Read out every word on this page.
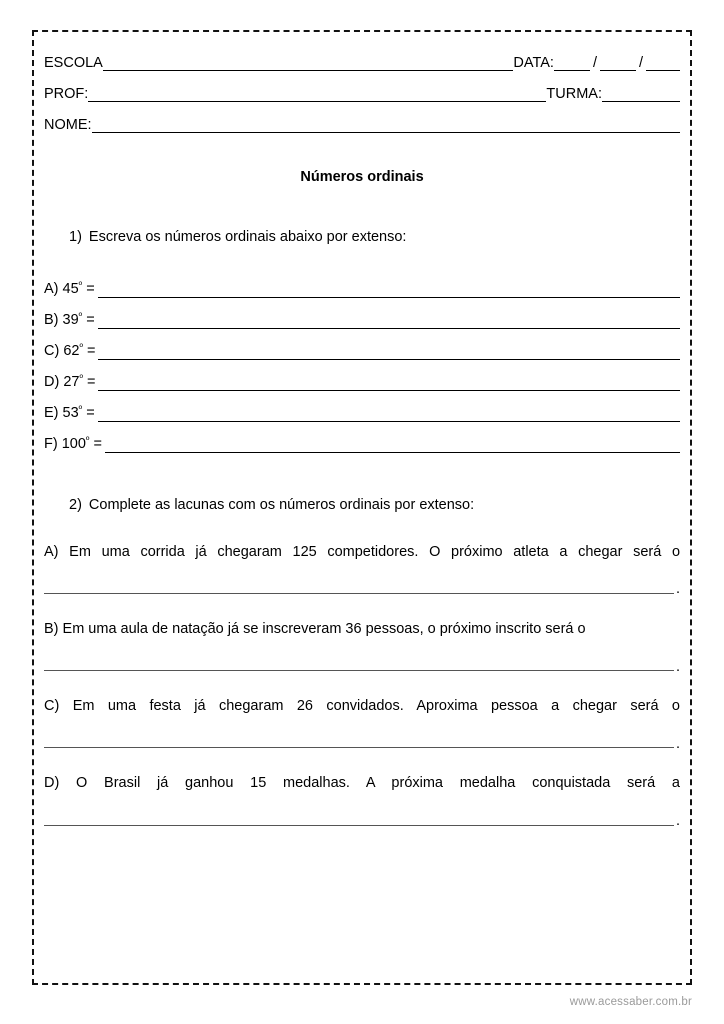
ESCOLA	DATA:	/	/
PROF:	TURMA:
NOME:
Números ordinais
1) Escreva os números ordinais abaixo por extenso:
A) $45^º$ =
B) $39^º$ =
C) $62^º$ =
D) $27^º$ =
E) $53^º$ =
F) $100^º$ =
2) Complete as lacunas com os números ordinais por extenso:
A) Em uma corrida já chegaram 125 competidores. O próximo atleta a chegar será o
.
B) Em uma aula de natação já se inscreveram 36 pessoas, o próximo inscrito será o
.
C) Em uma festa já chegaram 26 convidados. Aproxima pessoa a chegar será o
.
D) O Brasil já ganhou 15 medalhas. A próxima medalha conquistada será a
.
www.acessaber.com.br
